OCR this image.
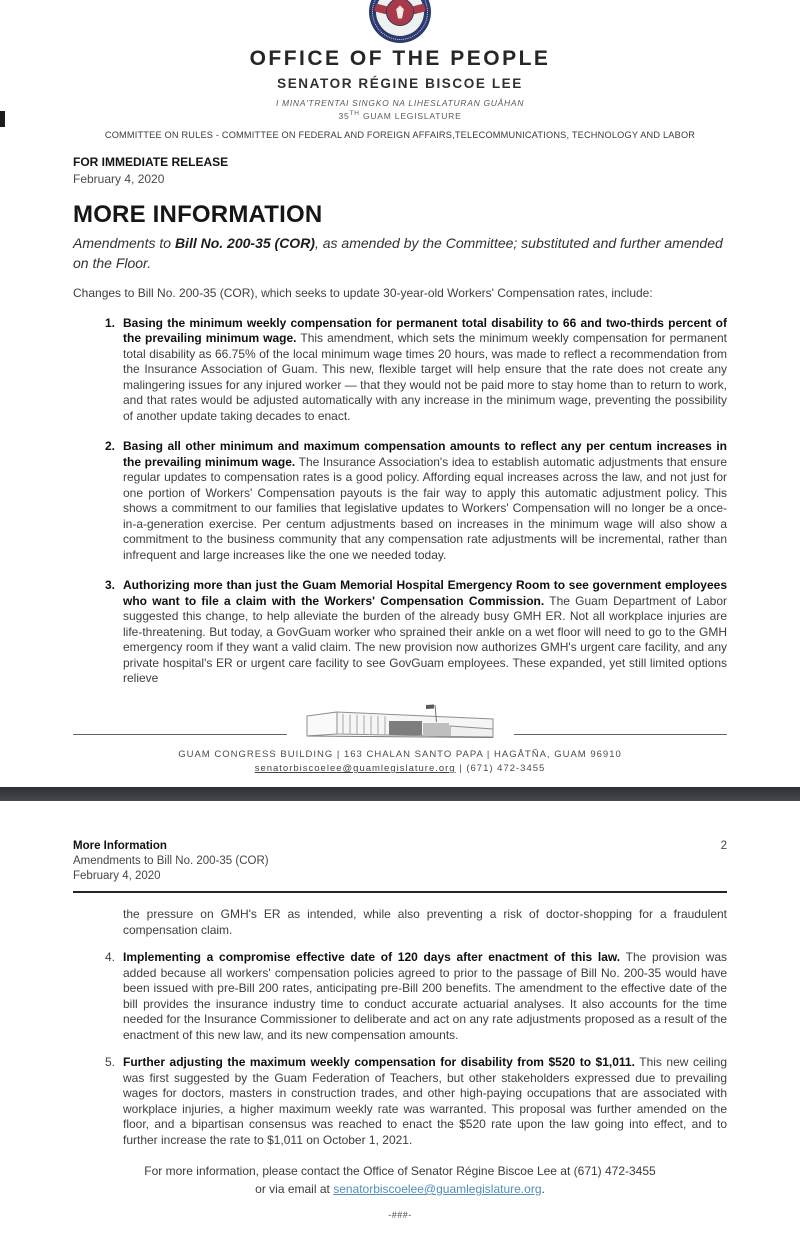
OFFICE OF THE PEOPLE
SENATOR RÉGINE BISCOE LEE
I MINA'TRENTAI SINGKO NA LIHESLATURAN GUÅHAN
35TH GUAM LEGISLATURE
COMMITTEE ON RULES - COMMITTEE ON FEDERAL AND FOREIGN AFFAIRS,TELECOMMUNICATIONS, TECHNOLOGY AND LABOR
FOR IMMEDIATE RELEASE
February 4, 2020
MORE INFORMATION

Amendments to Bill No. 200-35 (COR), as amended by the Committee; substituted and further amended on the Floor.

Changes to Bill No. 200-35 (COR), which seeks to update 30-year-old Workers' Compensation rates, include:

1. Basing the minimum weekly compensation for permanent total disability to 66 and two-thirds percent of the prevailing minimum wage. This amendment, which sets the minimum weekly compensation for permanent total disability as 66.75% of the local minimum wage times 20 hours, was made to reflect a recommendation from the Insurance Association of Guam. This new, flexible target will help ensure that the rate does not create any malingering issues for any injured worker — that they would not be paid more to stay home than to return to work, and that rates would be adjusted automatically with any increase in the minimum wage, preventing the possibility of another update taking decades to enact.

2. Basing all other minimum and maximum compensation amounts to reflect any per centum increases in the prevailing minimum wage. The Insurance Association's idea to establish automatic adjustments that ensure regular updates to compensation rates is a good policy. Affording equal increases across the law, and not just for one portion of Workers' Compensation payouts is the fair way to apply this automatic adjustment policy. This shows a commitment to our families that legislative updates to Workers' Compensation will no longer be a once-in-a-generation exercise. Per centum adjustments based on increases in the minimum wage will also show a commitment to the business community that any compensation rate adjustments will be incremental, rather than infrequent and large increases like the one we needed today.

3. Authorizing more than just the Guam Memorial Hospital Emergency Room to see government employees who want to file a claim with the Workers' Compensation Commission. The Guam Department of Labor suggested this change, to help alleviate the burden of the already busy GMH ER. Not all workplace injuries are life-threatening. But today, a GovGuam worker who sprained their ankle on a wet floor will need to go to the GMH emergency room if they want a valid claim. The new provision now authorizes GMH's urgent care facility, and any private hospital's ER or urgent care facility to see GovGuam employees. These expanded, yet still limited options relieve

GUAM CONGRESS BUILDING | 163 CHALAN SANTO PAPA | HAGÅTÑA, GUAM 96910
senatorbiscoelee@guamlegislature.org | (671) 472-3455
More Information
Amendments to Bill No. 200-35 (COR)
February 4, 2020
2

the pressure on GMH's ER as intended, while also preventing a risk of doctor-shopping for a fraudulent compensation claim.

4. Implementing a compromise effective date of 120 days after enactment of this law. The provision was added because all workers' compensation policies agreed to prior to the passage of Bill No. 200-35 would have been issued with pre-Bill 200 rates, anticipating pre-Bill 200 benefits. The amendment to the effective date of the bill provides the insurance industry time to conduct accurate actuarial analyses. It also accounts for the time needed for the Insurance Commissioner to deliberate and act on any rate adjustments proposed as a result of the enactment of this new law, and its new compensation amounts.

5. Further adjusting the maximum weekly compensation for disability from $520 to $1,011. This new ceiling was first suggested by the Guam Federation of Teachers, but other stakeholders expressed due to prevailing wages for doctors, masters in construction trades, and other high-paying occupations that are associated with workplace injuries, a higher maximum weekly rate was warranted. This proposal was further amended on the floor, and a bipartisan consensus was reached to enact the $520 rate upon the law going into effect, and to further increase the rate to $1,011 on October 1, 2021.

For more information, please contact the Office of Senator Régine Biscoe Lee at (671) 472-3455
or via email at senatorbiscoelee@guamlegislature.org.

-###-
